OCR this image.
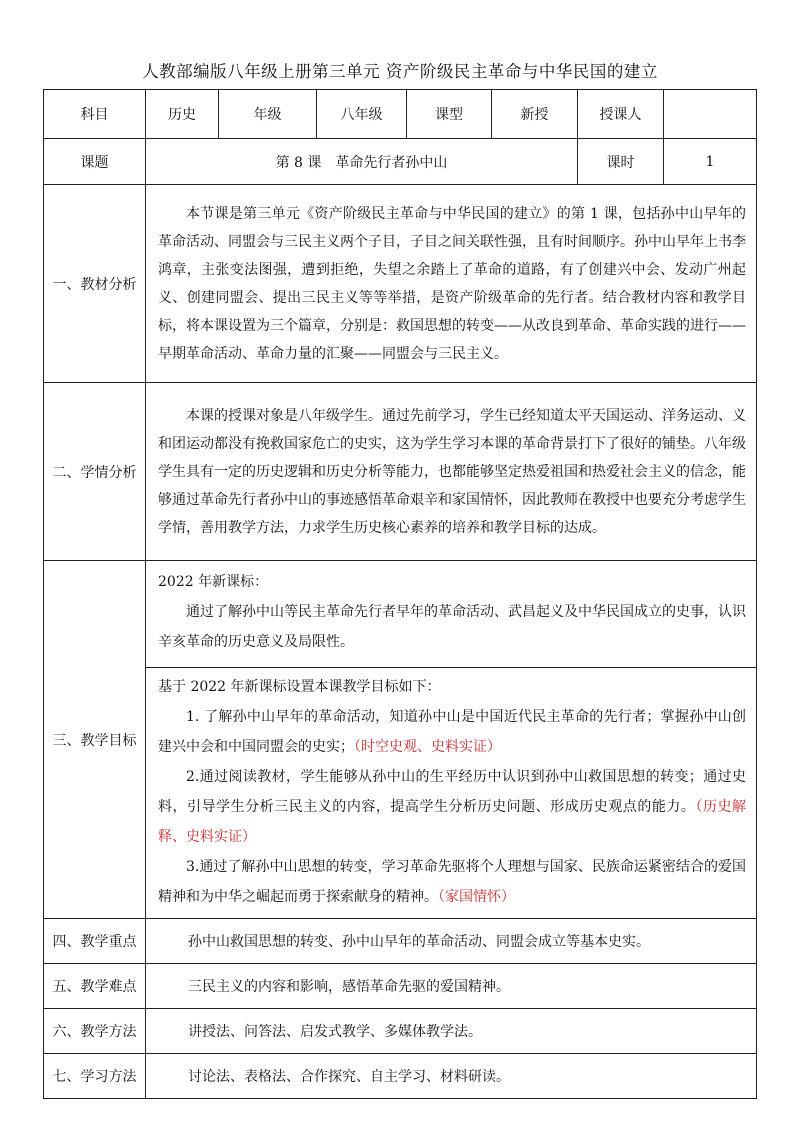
人教部编版八年级上册第三单元 资产阶级民主革命与中华民国的建立
科目	历史	年级	八年级	课型	新授	授课人	
课题	第 8 课　革命先行者孙中山					课时	1
一、教材分析	本节课是第三单元《资产阶级民主革命与中华民国的建立》的第 1 课，包括孙中山早年的革命活动、同盟会与三民主义两个子目，子目之间关联性强，且有时间顺序。孙中山早年上书李鸿章，主张变法图强，遭到拒绝，失望之余踏上了革命的道路，有了创建兴中会、发动广州起义、创建同盟会、提出三民主义等等举措，是资产阶级革命的先行者。结合教材内容和教学目标，将本课设置为三个篇章，分别是：救国思想的转变——从改良到革命、革命实践的进行——早期革命活动、革命力量的汇聚——同盟会与三民主义。						

二、学情分析	本课的授课对象是八年级学生。通过先前学习，学生已经知道太平天国运动、洋务运动、义和团运动都没有挽救国家危亡的史实，这为学生学习本课的革命背景打下了很好的铺垫。八年级学生具有一定的历史逻辑和历史分析等能力，也都能够坚定热爱祖国和热爱社会主义的信念，能够通过革命先行者孙中山的事迹感悟革命艰辛和家国情怀，因此教师在教授中也要充分考虑学生学情，善用教学方法，力求学生历史核心素养的培养和教学目标的达成。						

三、教学目标	2022 年新课标：

通过了解孙中山等民主革命先行者早年的革命活动、武昌起义及中华民国成立的史事，认识辛亥革命的历史意义及局限性。						

	基于 2022 年新课标设置本课教学目标如下：

1. 了解孙中山早年的革命活动，知道孙中山是中国近代民主革命的先行者；掌握孙中山创建兴中会和中国同盟会的史实；（时空史观、史料实证）

2.通过阅读教材，学生能够从孙中山的生平经历中认识到孙中山救国思想的转变；通过史料，引导学生分析三民主义的内容，提高学生分析历史问题、形成历史观点的能力。（历史解释、史料实证）

3.通过了解孙中山思想的转变，学习革命先驱将个人理想与国家、民族命运紧密结合的爱国精神和为中华之崛起而勇于探索献身的精神。（家国情怀）						

四、教学重点	孙中山救国思想的转变、孙中山早年的革命活动、同盟会成立等基本史实。						
五、教学难点	三民主义的内容和影响，感悟革命先驱的爱国精神。						
六、教学方法	讲授法、问答法、启发式教学、多媒体教学法。						
七、学习方法	讨论法、表格法、合作探究、自主学习、材料研读。						
